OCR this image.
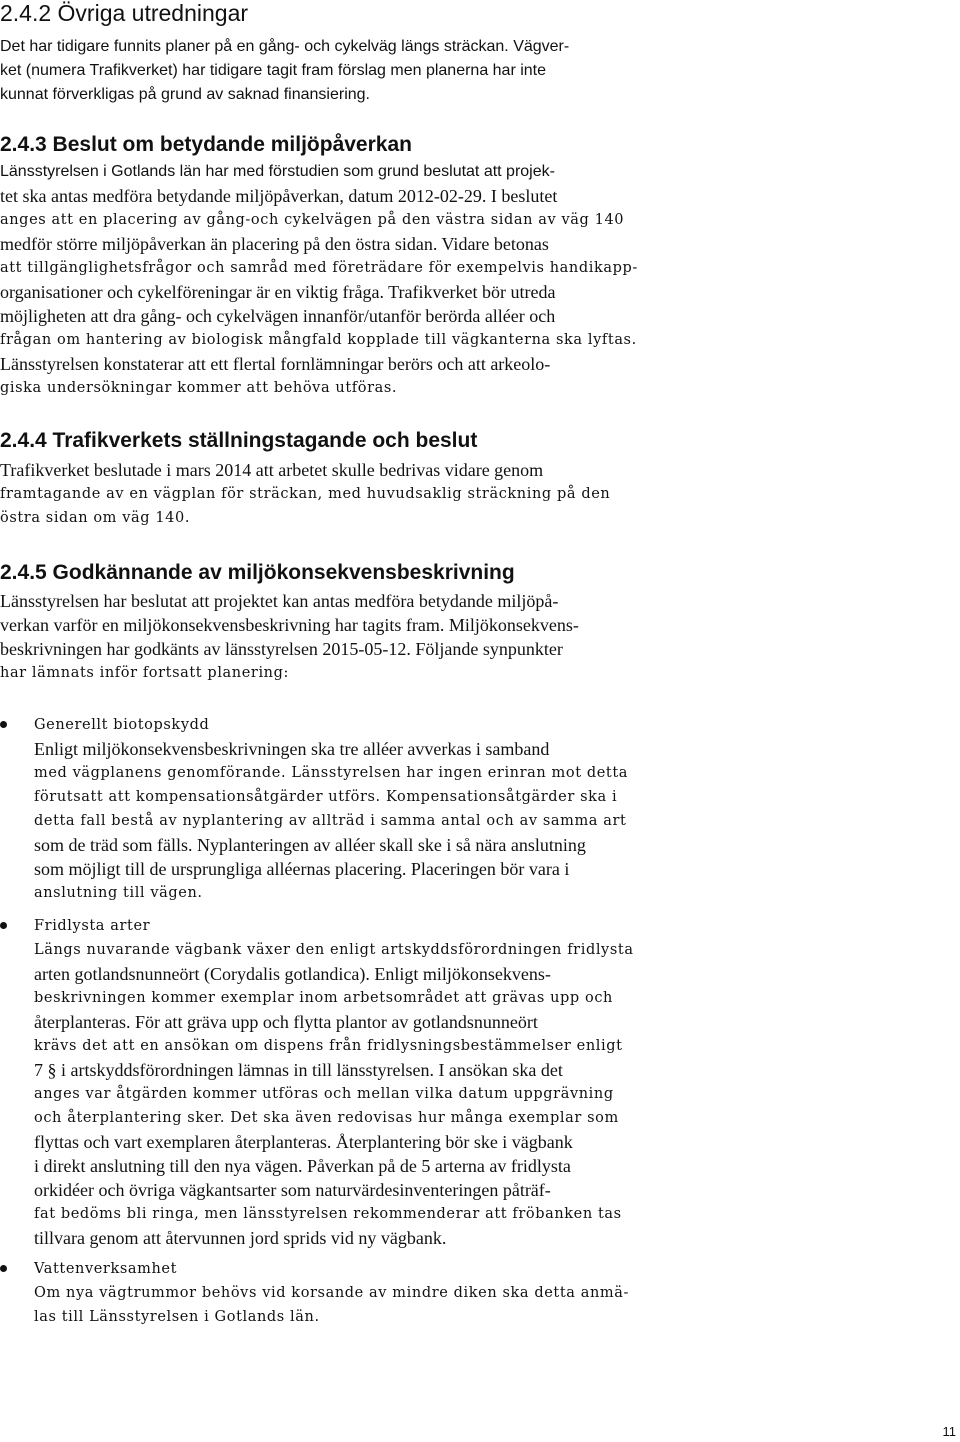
2.4.2 Övriga utredningar
Det har tidigare funnits planer på en gång- och cykelväg längs sträckan. Vägver-
ket (numera Trafikverket) har tidigare tagit fram förslag men planerna har inte
kunnat förverkligas på grund av saknad finansiering.
2.4.3 Beslut om betydande miljöpåverkan
Länsstyrelsen i Gotlands län har med förstudien som grund beslutat att projek-
tet ska antas medföra betydande miljöpåverkan, datum 2012-02-29. I beslutet
anges att en placering av gång-och cykelvägen på den västra sidan av väg 140
medför större miljöpåverkan än placering på den östra sidan. Vidare betonas
att tillgänglighetsfrågor och samråd med företrädare för exempelvis handikapp-
organisationer och cykelföreningar är en viktig fråga. Trafikverket bör utreda
möjligheten att dra gång- och cykelvägen innanför/utanför berörda alléer och
frågan om hantering av biologisk mångfald kopplade till vägkanterna ska lyftas.
Länsstyrelsen konstaterar att ett flertal fornlämningar berörs och att arkeolo-
giska undersökningar kommer att behöva utföras.
2.4.4 Trafikverkets ställningstagande och beslut
Trafikverket beslutade i mars 2014 att arbetet skulle bedrivas vidare genom
framtagande av en vägplan för sträckan, med huvudsaklig sträckning på den
östra sidan om väg 140.
2.4.5 Godkännande av miljökonsekvensbeskrivning
Länsstyrelsen har beslutat att projektet kan antas medföra betydande miljöpå-
verkan varför en miljökonsekvensbeskrivning har tagits fram. Miljökonsekvens-
beskrivningen har godkänts av länsstyrelsen 2015-05-12. Följande synpunkter
har lämnats inför fortsatt planering:
Generellt biotopskydd
Enligt miljökonsekvensbeskrivningen ska tre alléer avverkas i samband
med vägplanens genomförande. Länsstyrelsen har ingen erinran mot detta
förutsatt att kompensationsåtgärder utförs. Kompensationsåtgärder ska i
detta fall bestå av nyplantering av allträd i samma antal och av samma art
som de träd som fälls. Nyplanteringen av alléer skall ske i så nära anslutning
som möjligt till de ursprungliga alléernas placering. Placeringen bör vara i
anslutning till vägen.
Fridlysta arter
Längs nuvarande vägbank växer den enligt artskyddsförordningen fridlysta
arten gotlandsnunneört (Corydalis gotlandica). Enligt miljökonsekvens-
beskrivningen kommer exemplar inom arbetsområdet att grävas upp och
återplanteras. För att gräva upp och flytta plantor av gotlandsnunneört
krävs det att en ansökan om dispens från fridlysningsbestämmelser enligt
7 § i artskyddsförordningen lämnas in till länsstyrelsen. I ansökan ska det
anges var åtgärden kommer utföras och mellan vilka datum uppgrävning
och återplantering sker. Det ska även redovisas hur många exemplar som
flyttas och vart exemplaren återplanteras. Återplantering bör ske i vägbank
i direkt anslutning till den nya vägen. Påverkan på de 5 arterna av fridlysta
orkidéer och övriga vägkantsarter som naturvärdesinventeringen påträf-
fat bedöms bli ringa, men länsstyrelsen rekommenderar att fröbanken tas
tillvara genom att återvunnen jord sprids vid ny vägbank.
Vattenverksamhet
Om nya vägtrummor behövs vid korsande av mindre diken ska detta anmä-
las till Länsstyrelsen i Gotlands län.
11
